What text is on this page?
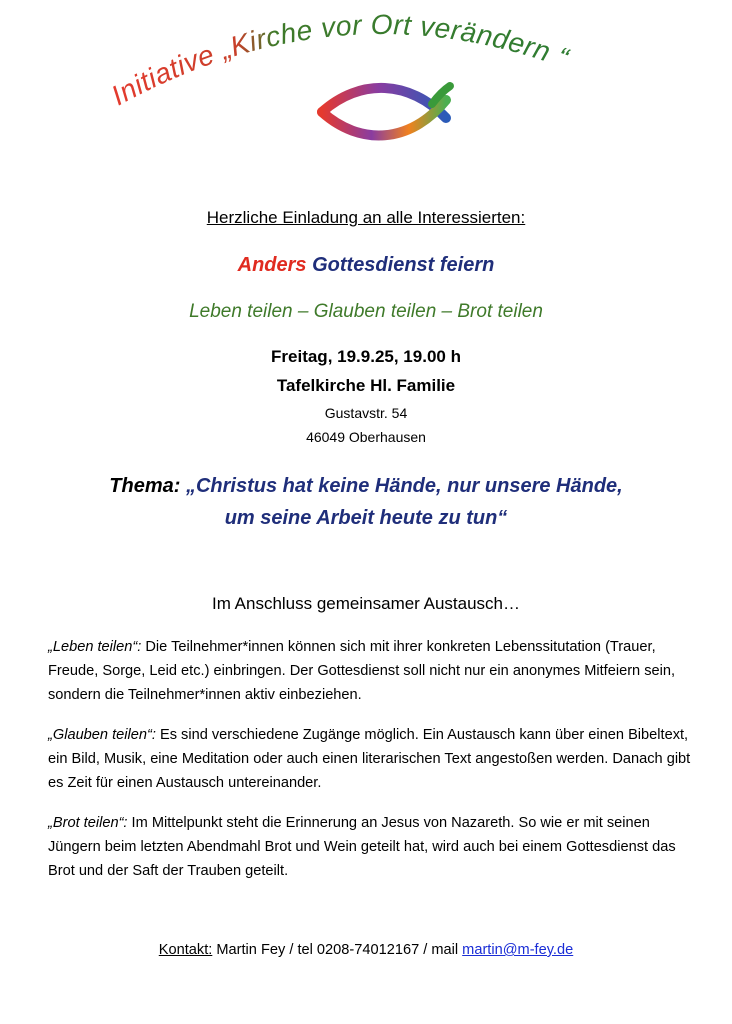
Initiative „Kirche vor Ort verändern “
Herzliche Einladung an alle Interessierten:
Anders Gottesdienst feiern
Leben teilen – Glauben teilen – Brot teilen
Freitag, 19.9.25, 19.00 h
Tafelkirche Hl. Familie
Gustavstr. 54
46049 Oberhausen
Thema: „Christus hat keine Hände, nur unsere Hände,
um seine Arbeit heute zu tun“
Im Anschluss gemeinsamer Austausch…
„Leben teilen“: Die Teilnehmer*innen können sich mit ihrer konkreten Lebenssitutation (Trauer, Freude, Sorge, Leid etc.) einbringen. Der Gottesdienst soll nicht nur ein anonymes Mitfeiern sein, sondern die Teilnehmer*innen aktiv einbeziehen.
„Glauben teilen“: Es sind verschiedene Zugänge möglich. Ein Austausch kann über einen Bibeltext, ein Bild, Musik, eine Meditation oder auch einen literarischen Text angestoßen werden. Danach gibt es Zeit für einen Austausch untereinander.
„Brot teilen“: Im Mittelpunkt steht die Erinnerung an Jesus von Nazareth. So wie er mit seinen Jüngern beim letzten Abendmahl Brot und Wein geteilt hat, wird auch bei einem Gottesdienst das Brot und der Saft der Trauben geteilt.
Kontakt: Martin Fey / tel 0208-74012167 / mail martin@m-fey.de
